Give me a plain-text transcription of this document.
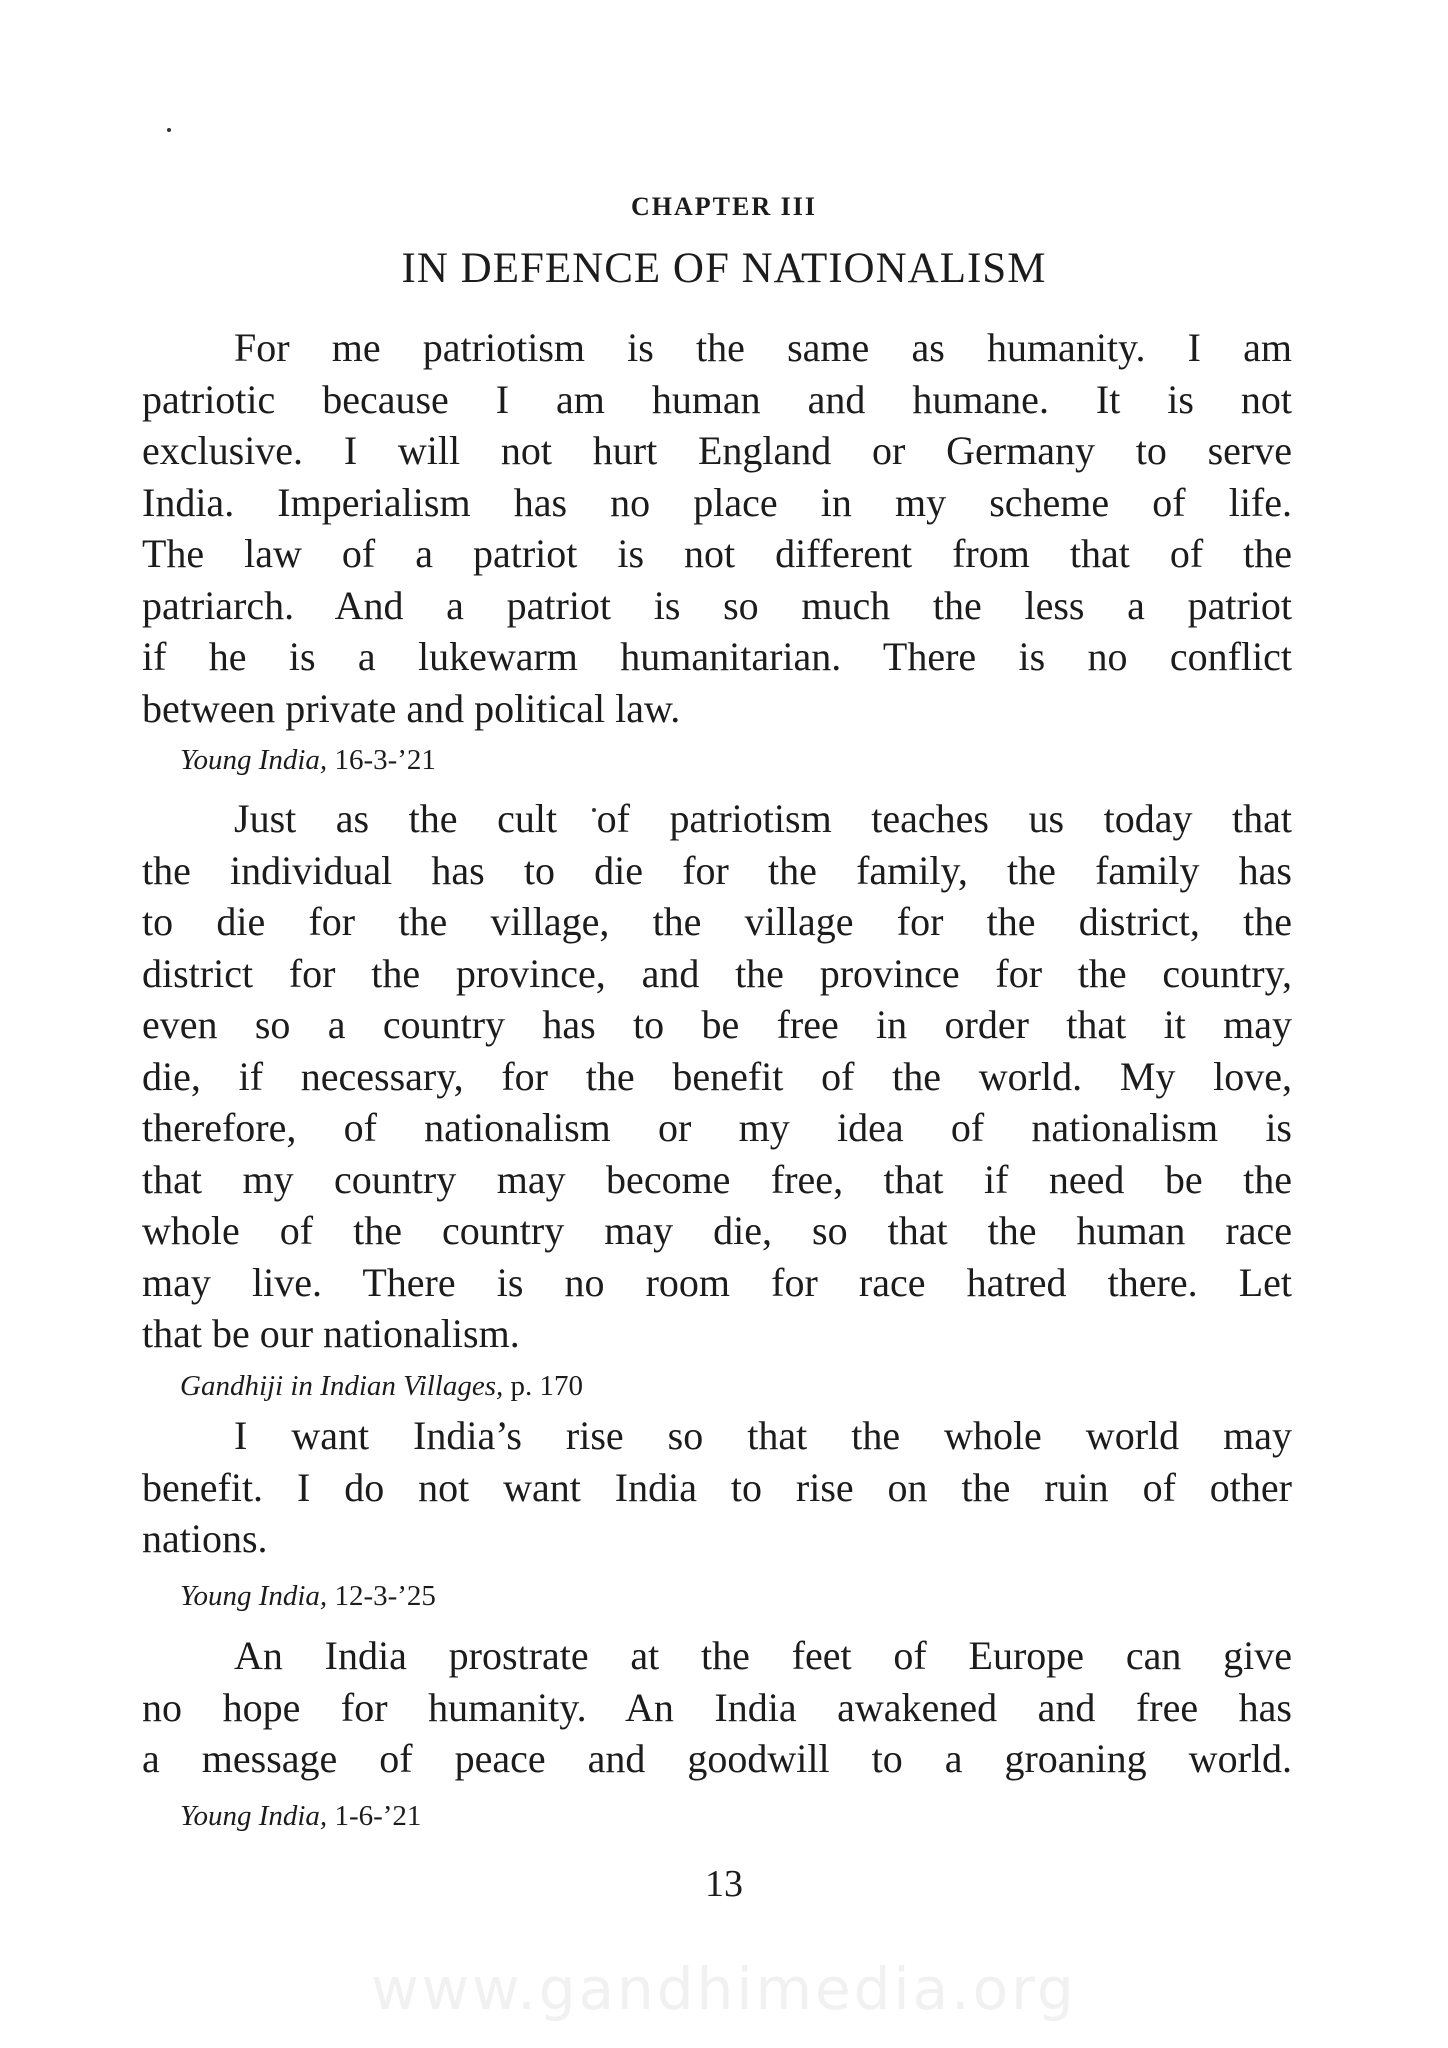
CHAPTER III
IN DEFENCE OF NATIONALISM
For me patriotism is the same as humanity. I am
patriotic because I am human and humane. It is not
exclusive. I will not hurt England or Germany to serve
India. Imperialism has no place in my scheme of life.
The law of a patriot is not different from that of the
patriarch. And a patriot is so much the less a patriot
if he is a lukewarm humanitarian. There is no conflict
between private and political law.
Young India, 16-3-’21
Just as the cult of patriotism teaches us today that
the individual has to die for the family, the family has
to die for the village, the village for the district, the
district for the province, and the province for the country,
even so a country has to be free in order that it may
die, if necessary, for the benefit of the world. My love,
therefore, of nationalism or my idea of nationalism is
that my country may become free, that if need be the
whole of the country may die, so that the human race
may live. There is no room for race hatred there. Let
that be our nationalism.
Gandhiji in Indian Villages, p. 170
I want India’s rise so that the whole world may
benefit. I do not want India to rise on the ruin of other
nations.
Young India, 12-3-’25
An India prostrate at the feet of Europe can give
no hope for humanity. An India awakened and free has
a message of peace and goodwill to a groaning world.
Young India, 1-6-’21
13
www.gandhimedia.org
